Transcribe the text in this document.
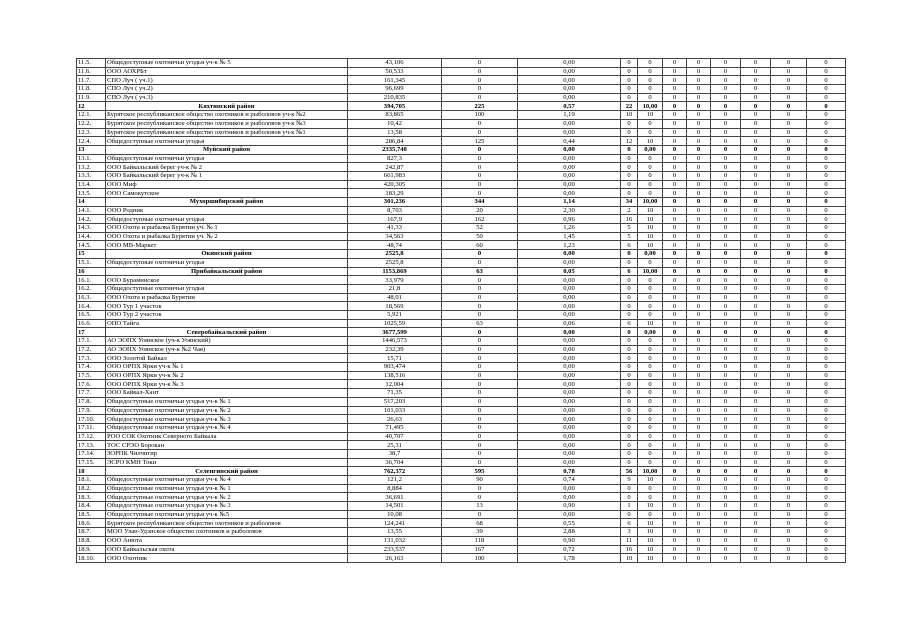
11.5.	Общедоступные охотничьи угодья уч-к № 5	43,106	0	0,00	0	0	0	0	0	0	0	0
11.6.	ООО АОХРБт	50,533	0	0,00	0	0	0	0	0	0	0	0
11.7.	СПО Луч ( уч.1)	161,345	0	0,00	0	0	0	0	0	0	0	0
11.8.	СПО Луч ( уч.2)	96,699	0	0,00	0	0	0	0	0	0	0	0
11.9.	СПО Луч ( уч.3)	210,835	0	0,00	0	0	0	0	0	0	0	0
12	Кяхтинский район	394,705	225	0,57	22	10,00	0	0	0	0	0	0
12.1.	Бурятское республиканское общество охотников и рыболовов уч-к №2	83,865	100	1,19	10	10	0	0	0	0	0	0
12.2.	Бурятское республиканское общество охотников и рыболовов уч-к №3	10,42	0	0,00	0	0	0	0	0	0	0	0
12.3.	Бурятское республиканское общество охотников и рыболовов уч-к №1	13,58	0	0,00	0	0	0	0	0	0	0	0
12.4.	Общедоступные охотничьи угодья	286,84	125	0,44	12	10	0	0	0	0	0	0
13	Муйский район	2335,748	0	0,00	0	0,00	0	0	0	0	0	0
13.1.	Общедоступные охотничьи угодья	827,3	0	0,00	0	0	0	0	0	0	0	0
13.2.	ООО Байкальский берег уч-к № 2	242,87	0	0,00	0	0	0	0	0	0	0	0
13.3.	ООО Байкальский берег уч-к № 1	661,983	0	0,00	0	0	0	0	0	0	0	0
13.4.	ООО Миф	420,305	0	0,00	0	0	0	0	0	0	0	0
13.5.	ООО Самокутское	183,29	0	0,00	0	0	0	0	0	0	0	0
14	Мухоршибирский район	301,236	344	1,14	34	10,00	0	0	0	0	0	0
14.1.	ООО Родник	8,703	20	2,30	2	10	0	0	0	0	0	0
14.2.	Общедоступные охотничьи угодья	167,9	162	0,96	16	10	0	0	0	0	0	0
14.3.	ООО Охота и рыбалка Бурятии уч. № 1	41,33	52	1,26	5	10	0	0	0	0	0	0
14.4.	ООО Охота и рыбалка Бурятии уч. № 2	34,563	50	1,45	5	10	0	0	0	0	0	0
14.5.	ООО МВ-Маркет	48,74	60	1,23	6	10	0	0	0	0	0	0
15	Окинский район	2525,8	0	0,00	0	0,00	0	0	0	0	0	0
15.1.	Общедоступные охотничьи угодья	2525,8	0	0,00	0	0	0	0	0	0	0	0
16	Прибайкальский район	1153,869	63	0,05	6	10,00	0	0	0	0	0	0
16.1.	ООО Бураминское	33,979	0	0,00	0	0	0	0	0	0	0	0
16.2.	Общедоступные охотничьи угодья	21,8	0	0,00	0	0	0	0	0	0	0	0
16.3.	ООО Охота и рыбалка Бурятии	48,01	0	0,00	0	0	0	0	0	0	0	0
16.4.	ООО Тур 1 участок	18,569	0	0,00	0	0	0	0	0	0	0	0
16.5.	ООО Тур 2 участок	5,921	0	0,00	0	0	0	0	0	0	0	0
16.6.	ОПО Тайга	1025,59	63	0,06	6	10	0	0	0	0	0	0
17	Северобайкальский район	3677,599	0	0,00	0	0,00	0	0	0	0	0	0
17.1.	АО ЭОПХ Уоянское (уч-к Уоянский)	1446,573	0	0,00	0	0	0	0	0	0	0	0
17.2.	АО ЭОПХ Уоянское (уч-к №2 Чая)	232,39	0	0,00	0	0	0	0	0	0	0	0
17.3.	ООО Золотой Байкал	15,71	0	0,00	0	0	0	0	0	0	0	0
17.4.	ООО ОРПХ Ярки уч-к № 1	903,474	0	0,00	0	0	0	0	0	0	0	0
17.5.	ООО ОРПХ Ярки уч-к № 2	138,516	0	0,00	0	0	0	0	0	0	0	0
17.6.	ООО ОРПХ Ярки уч-к № 3	12,004	0	0,00	0	0	0	0	0	0	0	0
17.7.	ООО Байкал-Хант	71,35	0	0,00	0	0	0	0	0	0	0	0
17.8.	Общедоступные охотничьи угодья уч-к № 1	517,203	0	0,00	0	0	0	0	0	0	0	0
17.9.	Общедоступные охотничьи угодья уч-к № 2	101,033	0	0,00	0	0	0	0	0	0	0	0
17.10.	Общедоступные охотничьи угодья уч-к № 3	26,63	0	0,00	0	0	0	0	0	0	0	0
17.11.	Общедоступные охотничьи угодья уч-к № 4	71,495	0	0,00	0	0	0	0	0	0	0	0
17.12.	РОО СОК Охотник Северного Байкала	40,707	0	0,00	0	0	0	0	0	0	0	0
17.13.	ТОС СРЭО Борокан	25,31	0	0,00	0	0	0	0	0	0	0	0
17.14.	ЗОРПК Чилчигир	38,7	0	0,00	0	0	0	0	0	0	0	0
17.15.	ЭСРО КМН Токи	36,704	0	0,00	0	0	0	0	0	0	0	0
18	Селенгинский район	762,372	595	0,78	56	10,00	0	0	0	0	0	0
18.1.	Общедоступные охотничьи угодья уч-к № 4	121,2	90	0,74	9	10	0	0	0	0	0	0
18.2.	Общедоступные охотничьи угодья уч-к № 1	8,884	0	0,00	0	0	0	0	0	0	0	0
18.3.	Общедоступные охотничьи угодья уч-к № 2	36,691	0	0,00	0	0	0	0	0	0	0	0
18.4.	Общедоступные охотничьи угодья уч-к № 3	14,501	13	0,90	1	10	0	0	0	0	0	0
18.5.	Общедоступные охотничьи угодья уч-к №5	10,08	0	0,00	0	0	0	0	0	0	0	0
18.6.	Бурятское республиканское общество охотников и рыболовов	124,241	68	0,55	6	10	0	0	0	0	0	0
18.7.	МОО Улан-Удэнское общество охотников и рыболовов	13,55	39	2,88	3	10	0	0	0	0	0	0
18.8.	ООО Анюта	131,032	118	0,90	11	10	0	0	0	0	0	0
18.9.	ООО Байкальская охота	233,537	167	0,72	16	10	0	0	0	0	0	0
18.10.	ООО Охотник	26,163	100	1,78	10	10	0	0	0	0	0	0
